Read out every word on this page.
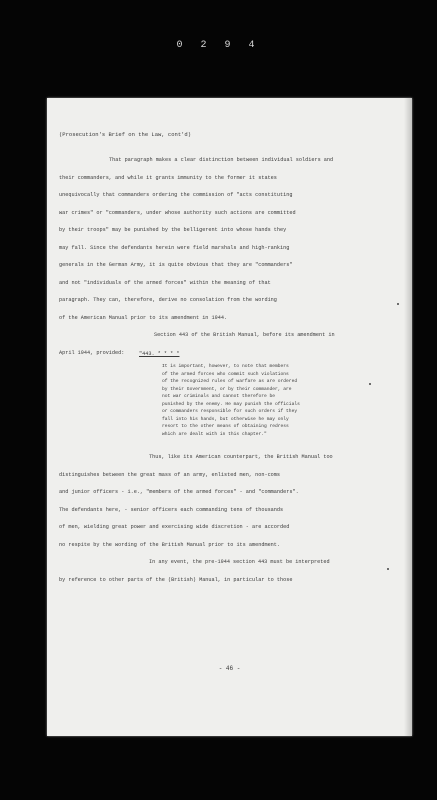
0 2 9 4
(Prosecution's Brief on the Law, cont'd)
That paragraph makes a clear distinction between individual soldiers and
their commanders, and while it grants immunity to the former it states
unequivocally that commanders ordering the commission of "acts constituting
war crimes" or "commanders, under whose authority such actions are committed
by their troops" may be punished by the belligerent into whose hands they
may fall. Since the defendants herein were field marshals and high-ranking
generals in the German Army, it is quite obvious that they are "commanders"
and not "individuals of the armed forces" within the meaning of that
paragraph. They can, therefore, derive no consolation from the wording
of the American Manual prior to its amendment in 1944.
Section 443 of the British Manual, before its amendment in
April 1944, provided:	"443. * * * *
It is important, however, to note that members
of the armed forces who commit such violations
of the recognized rules of warfare as are ordered
by their Government, or by their commander, are
not war criminals and cannot therefore be
punished by the enemy. He may punish the officials
or commanders responsible for such orders if they
fall into his hands, but otherwise he may only
resort to the other means of obtaining redress
which are dealt with in this chapter."
Thus, like its American counterpart, the British Manual too
distinguishes between the great mass of an army, enlisted men, non-coms
and junior officers - i.e., "members of the armed forces" - and "commanders".
The defendants here, - senior officers each commanding tens of thousands
of men, wielding great power and exercising wide discretion - are accorded
no respite by the wording of the British Manual prior to its amendment.
In any event, the pre-1944 section 443 must be interpreted
by reference to other parts of the (British) Manual, in particular to those
- 46 -
